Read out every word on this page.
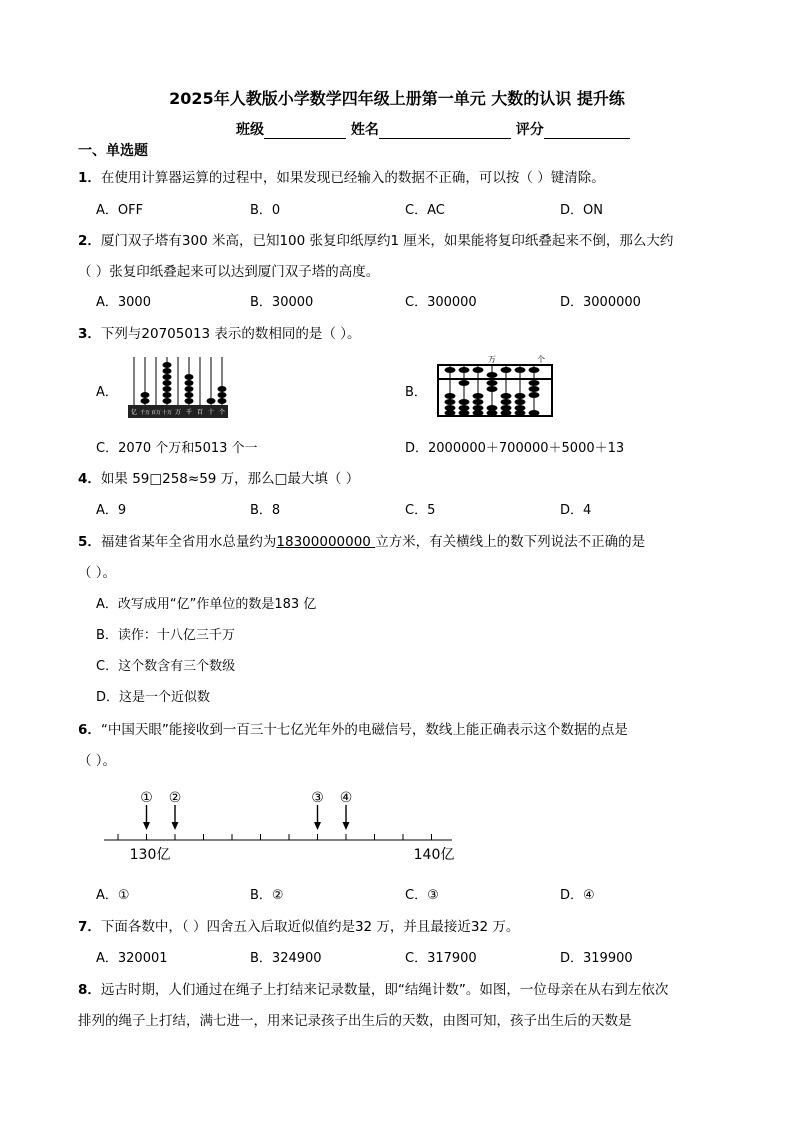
2025年人教版小学数学四年级上册第一单元 大数的认识 提升练
班级	姓名	评分
一、单选题
1．在使用计算器运算的过程中，如果发现已经输入的数据不正确，可以按（ ）键清除。
A．OFF	B．0	C．AC	D．ON
2．厦门双子塔有300 米高，已知100 张复印纸厚约1 厘米，如果能将复印纸叠起来不倒，那么大约
（ ）张复印纸叠起来可以达到厦门双子塔的高度。
A．3000	B．30000	C．300000	D．3000000
3．下列与20705013 表示的数相同的是（ ）。
A．
亿 千万 百万 十万 万 千 百 十 个
B．
万	个
C．2070 个万和5013 个一	D．2000000＋700000＋5000＋13
4．如果 59□258≈59 万，那么□最大填（ ）
A．9	B．8	C．5	D．4
5．福建省某年全省用水总量约为18300000000 立方米，有关横线上的数下列说法不正确的是
（ ）。
A．改写成用“亿”作单位的数是183 亿
B．读作：十八亿三千万
C．这个数含有三个数级
D．这是一个近似数
6．“中国天眼”能接收到一百三十七亿光年外的电磁信号，数线上能正确表示这个数据的点是
（ ）。
① ②	③ ④
130亿	140亿
A．①	B．②	C．③	D．④
7．下面各数中，（ ）四舍五入后取近似值约是32 万，并且最接近32 万。
A．320001	B．324900	C．317900	D．319900
8．远古时期，人们通过在绳子上打结来记录数量，即“结绳计数”。如图，一位母亲在从右到左依次
排列的绳子上打结，满七进一，用来记录孩子出生后的天数，由图可知，孩子出生后的天数是
